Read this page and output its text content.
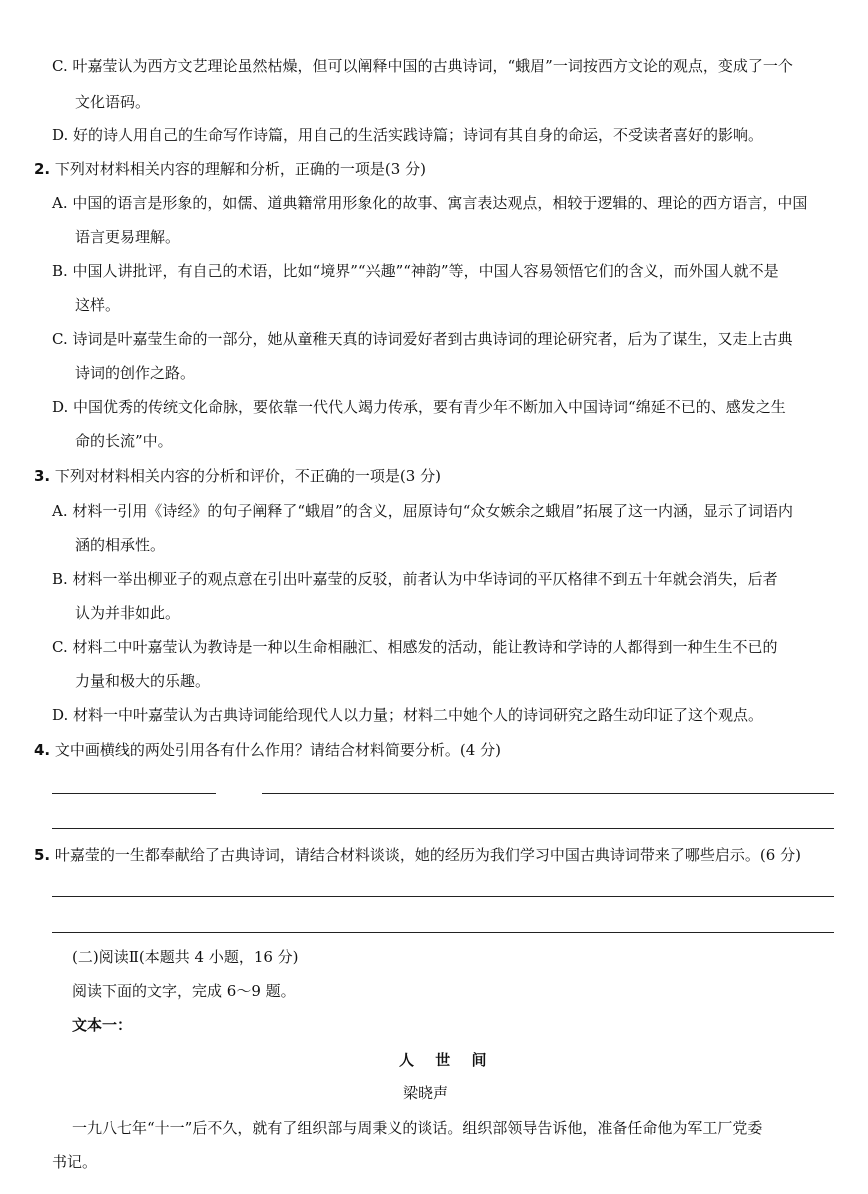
C. 叶嘉莹认为西方文艺理论虽然枯燥，但可以阐释中国的古典诗词，“蛾眉”一词按西方文论的观点，变成了一个
文化语码。
D. 好的诗人用自己的生命写作诗篇，用自己的生活实践诗篇；诗词有其自身的命运，不受读者喜好的影响。
2. 下列对材料相关内容的理解和分析，正确的一项是(3 分)
A. 中国的语言是形象的，如儒、道典籍常用形象化的故事、寓言表达观点，相较于逻辑的、理论的西方语言，中国
语言更易理解。
B. 中国人讲批评，有自己的术语，比如“境界”“兴趣”“神韵”等，中国人容易领悟它们的含义，而外国人就不是
这样。
C. 诗词是叶嘉莹生命的一部分，她从童稚天真的诗词爱好者到古典诗词的理论研究者，后为了谋生，又走上古典
诗词的创作之路。
D. 中国优秀的传统文化命脉，要依靠一代代人竭力传承，要有青少年不断加入中国诗词“绵延不已的、感发之生
命的长流”中。
3. 下列对材料相关内容的分析和评价，不正确的一项是(3 分)
A. 材料一引用《诗经》的句子阐释了“蛾眉”的含义，屈原诗句“众女嫉余之蛾眉”拓展了这一内涵，显示了词语内
涵的相承性。
B. 材料一举出柳亚子的观点意在引出叶嘉莹的反驳，前者认为中华诗词的平仄格律不到五十年就会消失，后者
认为并非如此。
C. 材料二中叶嘉莹认为教诗是一种以生命相融汇、相感发的活动，能让教诗和学诗的人都得到一种生生不已的
力量和极大的乐趣。
D. 材料一中叶嘉莹认为古典诗词能给现代人以力量；材料二中她个人的诗词研究之路生动印证了这个观点。
4. 文中画横线的两处引用各有什么作用？请结合材料简要分析。(4 分)
5. 叶嘉莹的一生都奉献给了古典诗词，请结合材料谈谈，她的经历为我们学习中国古典诗词带来了哪些启示。(6 分)
(二)阅读Ⅱ(本题共 4 小题，16 分)
阅读下面的文字，完成 6～9 题。
文本一：
人 世 间
梁晓声
一九八七年“十一”后不久，就有了组织部与周秉义的谈话。组织部领导告诉他，准备任命他为军工厂党委
书记。
